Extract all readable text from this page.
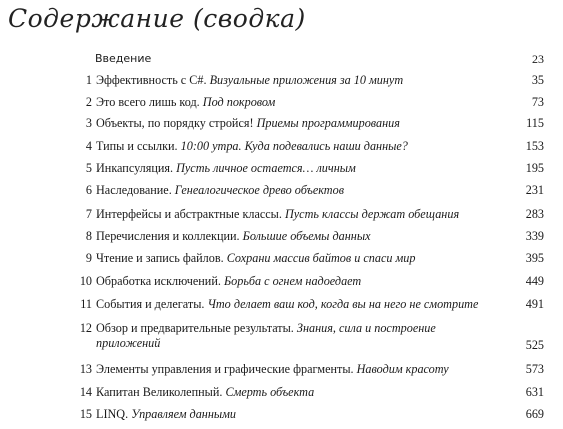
Содержание (сводка)
Введение	23
1 Эффективность с C#. Визуальные приложения за 10 минут	35
2 Это всего лишь код. Под покровом	73
3 Объекты, по порядку стройся! Приемы программирования	115
4 Типы и ссылки. 10:00 утра. Куда подевались наши данные?	153
5 Инкапсуляция. Пусть личное остается… личным	195
6 Наследование. Генеалогическое древо объектов	231
7 Интерфейсы и абстрактные классы. Пусть классы держат обещания	283
8 Перечисления и коллекции. Большие объемы данных	339
9 Чтение и запись файлов. Сохрани массив байтов и спаси мир	395
10 Обработка исключений. Борьба с огнем надоедает	449
11 События и делегаты. Что делает ваш код, когда вы на него не смотрите	491
12 Обзор и предварительные результаты. Знания, сила и построение приложений	525
13 Элементы управления и графические фрагменты. Наводим красоту	573
14 Капитан Великолепный. Смерть объекта	631
15 LINQ. Управляем данными	669
